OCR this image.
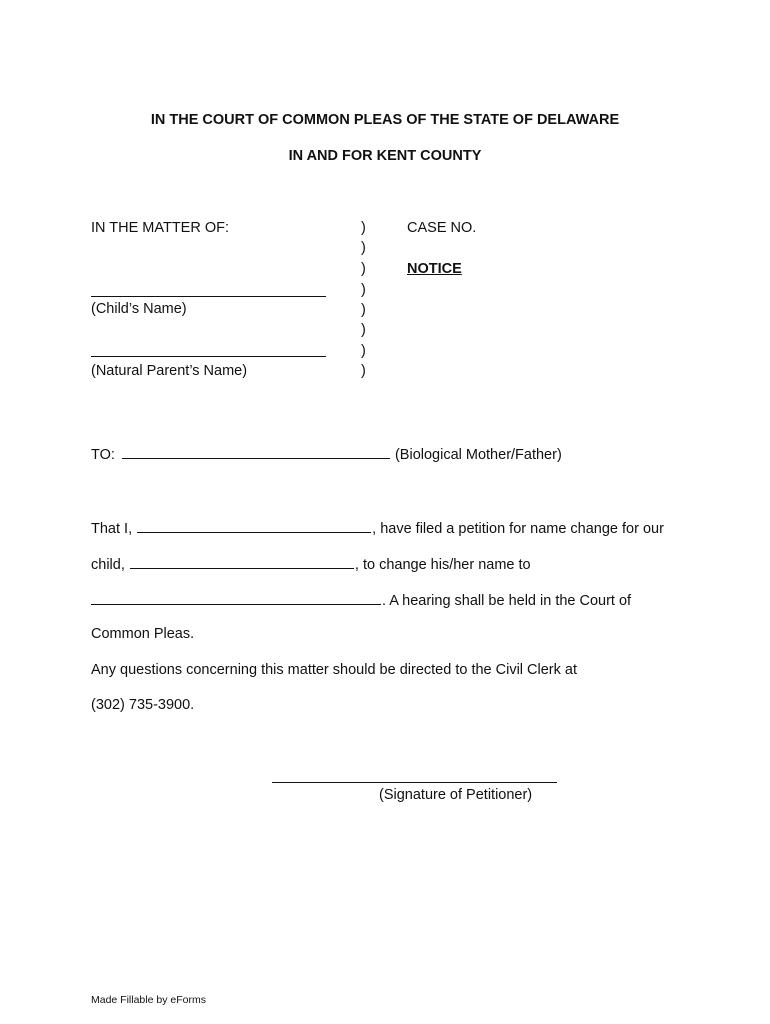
IN THE COURT OF COMMON PLEAS OF THE STATE OF DELAWARE
IN AND FOR KENT COUNTY
IN THE MATTER OF:	)
)
)
)
)
)
)
)
CASE NO.
NOTICE
(Child’s Name)
(Natural Parent’s Name)
TO:	(Biological Mother/Father)
That I,	, have filed a petition for name change for our
child,	, to change his/her name to
. A hearing shall be held in the Court of
Common Pleas.
Any questions concerning this matter should be directed to the Civil Clerk at
(302) 735-3900.
(Signature of Petitioner)
Made Fillable by eForms
